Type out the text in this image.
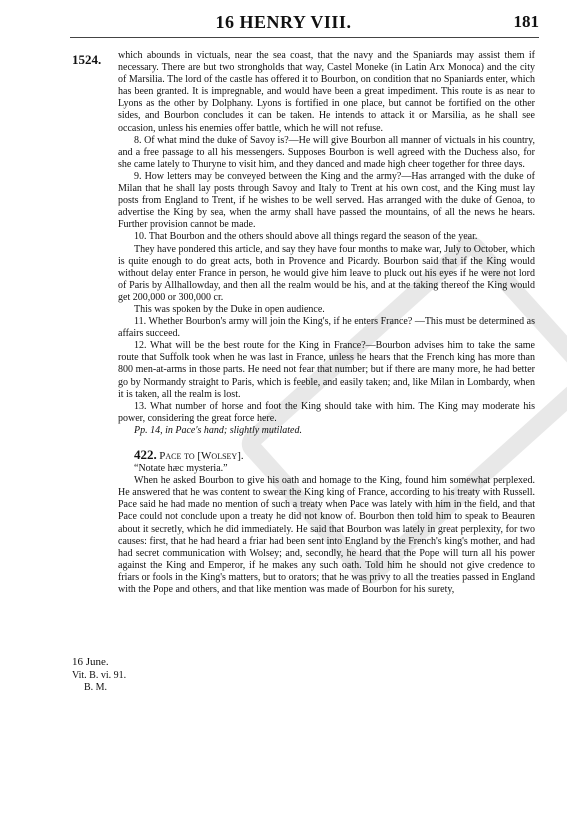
16 HENRY VIII.	181
1524. which abounds in victuals, near the sea coast, that the navy and the Spaniards may assist them if necessary. There are but two strongholds that way, Castel Moneke (in Latin Arx Monoca) and the city of Marsilia. The lord of the castle has offered it to Bourbon, on condition that no Spaniards enter, which has been granted. It is impregnable, and would have been a great impediment. This route is as near to Lyons as the other by Dolphany. Lyons is fortified in one place, but cannot be fortified on the other sides, and Bourbon concludes it can be taken. He intends to attack it or Marsilia, as he shall see occasion, unless his enemies offer battle, which he will not refuse.

8. Of what mind the duke of Savoy is?—He will give Bourbon all manner of victuals in his country, and a free passage to all his messengers. Supposes Bourbon is well agreed with the Duchess also, for she came lately to Thuryne to visit him, and they danced and made high cheer together for three days.

9. How letters may be conveyed between the King and the army?—Has arranged with the duke of Milan that he shall lay posts through Savoy and Italy to Trent at his own cost, and the King must lay posts from England to Trent, if he wishes to be well served. Has arranged with the duke of Genoa, to advertise the King by sea, when the army shall have passed the mountains, of all the news he hears. Further provision cannot be made.

10. That Bourbon and the others should above all things regard the season of the year.

They have pondered this article, and say they have four months to make war, July to October, which is quite enough to do great acts, both in Provence and Picardy. Bourbon said that if the King would without delay enter France in person, he would give him leave to pluck out his eyes if he were not lord of Paris by Allhallowday, and then all the realm would be his, and at the taking thereof the King would get 200,000 or 300,000 cr.

This was spoken by the Duke in open audience.

11. Whether Bourbon's army will join the King's, if he enters France? —This must be determined as affairs succeed.

12. What will be the best route for the King in France?—Bourbon advises him to take the same route that Suffolk took when he was last in France, unless he hears that the French king has more than 800 men-at-arms in those parts. He need not fear that number; but if there are many more, he had better go by Normandy straight to Paris, which is feeble, and easily taken; and, like Milan in Lombardy, when it is taken, all the realm is lost.

13. What number of horse and foot the King should take with him. The King may moderate his power, considering the great force here.

Pp. 14, in Pace's hand; slightly mutilated.

422. Pace to [Wolsey].

“Notate hæc mysteria.”

When he asked Bourbon to give his oath and homage to the King, found him somewhat perplexed. He answered that he was content to swear the King king of France, according to his treaty with Russell. Pace said he had made no mention of such a treaty when Pace was lately with him in the field, and that Pace could not conclude upon a treaty he did not know of. Bourbon then told him to speak to Beauren about it secretly, which he did immediately. He said that Bourbon was lately in great perplexity, for two causes: first, that he had heard a friar had been sent into England by the French's king's mother, and had had secret communication with Wolsey; and, secondly, he heard that the Pope will turn all his power against the King and Emperor, if he makes any such oath. Told him he should not give credence to friars or fools in the King's matters, but to orators; that he was privy to all the treaties passed in England with the Pope and others, and that like mention was made of Bourbon for his surety,

16 June.
Vit. B. vi. 91.
B. M.
